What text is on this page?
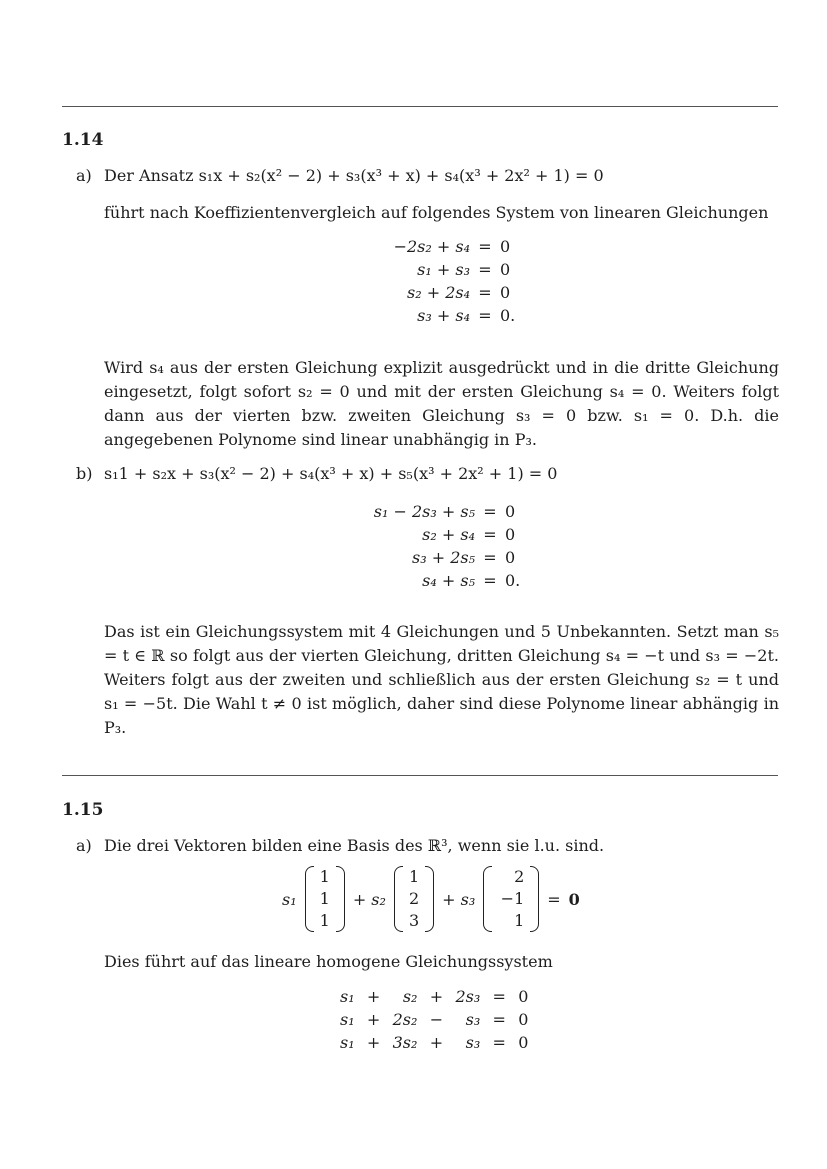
1.14
a) Der Ansatz s₁x + s₂(x² − 2) + s₃(x³ + x) + s₄(x³ + 2x² + 1) = 0
führt nach Koeffizientenvergleich auf folgendes System von linearen Gleichungen
−2s₂ + s₄	=	0
s₁ + s₃	=	0
s₂ + 2s₄	=	0
s₃ + s₄	=	0.
Wird s₄ aus der ersten Gleichung explizit ausgedrückt und in die dritte Gleichung eingesetzt, folgt sofort s₂ = 0 und mit der ersten Gleichung s₄ = 0. Weiters folgt dann aus der vierten bzw. zweiten Gleichung s₃ = 0 bzw. s₁ = 0. D.h. die angegebenen Polynome sind linear unabhängig in P₃.
b) s₁1 + s₂x + s₃(x² − 2) + s₄(x³ + x) + s₅(x³ + 2x² + 1) = 0
s₁ − 2s₃ + s₅	=	0
s₂ + s₄	=	0
s₃ + 2s₅	=	0
s₄ + s₅	=	0.
Das ist ein Gleichungssystem mit 4 Gleichungen und 5 Unbekannten. Setzt man s₅ = t ∈ ℝ so folgt aus der vierten Gleichung, dritten Gleichung s₄ = −t und s₃ = −2t. Weiters folgt aus der zweiten und schließlich aus der ersten Gleichung s₂ = t und s₁ = −5t. Die Wahl t ≠ 0 ist möglich, daher sind diese Polynome linear abhängig in P₃.
1.15
a) Die drei Vektoren bilden eine Basis des ℝ³, wenn sie l.u. sind.
s₁
1
1
1
+ s₂
1
2
3
+ s₃
2
−1
1
= 0
Dies führt auf das lineare homogene Gleichungssystem
s₁	+	s₂	+	2s₃	=	0
s₁	+	2s₂	−	s₃	=	0
s₁	+	3s₂	+	s₃	=	0
